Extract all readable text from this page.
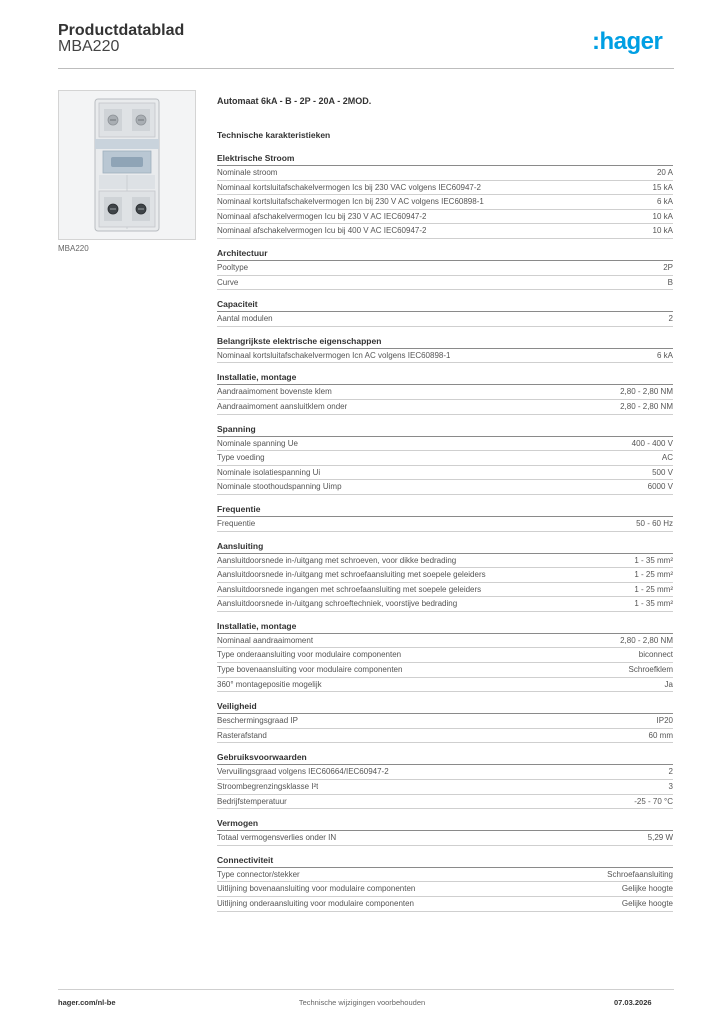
Productdatablad
MBA220	:hager
MBA220
Automaat 6kA - B - 2P - 20A - 2MOD.
Technische karakteristieken
Elektrische Stroom
Nominale stroom	20 A
Nominaal kortsluitafschakelvermogen Ics bij 230 VAC volgens IEC60947-2	15 kA
Nominaal kortsluitafschakelvermogen Icn bij 230 V AC volgens IEC60898-1	6 kA
Nominaal afschakelvermogen Icu bij 230 V AC IEC60947-2	10 kA
Nominaal afschakelvermogen Icu bij 400 V AC IEC60947-2	10 kA
Architectuur
Pooltype	2P
Curve	B
Capaciteit
Aantal modulen	2
Belangrijkste elektrische eigenschappen
Nominaal kortsluitafschakelvermogen Icn AC volgens IEC60898-1	6 kA
Installatie, montage
Aandraaimoment bovenste klem	2,80 - 2,80 NM
Aandraaimoment aansluitklem onder	2,80 - 2,80 NM
Spanning
Nominale spanning Ue	400 - 400 V
Type voeding	AC
Nominale isolatiespanning Ui	500 V
Nominale stoothoudspanning Uimp	6000 V
Frequentie
Frequentie	50 - 60 Hz
Aansluiting
Aansluitdoorsnede in-/uitgang met schroeven, voor dikke bedrading	1 - 35 mm²
Aansluitdoorsnede in-/uitgang met schroefaansluiting met soepele geleiders	1 - 25 mm²
Aansluitdoorsnede ingangen met schroefaansluiting met soepele geleiders	1 - 25 mm²
Aansluitdoorsnede in-/uitgang schroeftechniek, voorstijve bedrading	1 - 35 mm²
Installatie, montage
Nominaal aandraaimoment	2,80 - 2,80 NM
Type onderaansluiting voor modulaire componenten	biconnect
Type bovenaansluiting voor modulaire componenten	Schroefklem
360° montagepositie mogelijk	Ja
Veiligheid
Beschermingsgraad IP	IP20
Rasterafstand	60 mm
Gebruiksvoorwaarden
Vervuilingsgraad volgens IEC60664/IEC60947-2	2
Stroombegrenzingsklasse I²t	3
Bedrijfstemperatuur	-25 - 70 °C
Vermogen
Totaal vermogensverlies onder IN	5,29 W
Connectiviteit
Type connector/stekker	Schroefaansluiting
Uitlijning bovenaansluiting voor modulaire componenten	Gelijke hoogte
Uitlijning onderaansluiting voor modulaire componenten	Gelijke hoogte
hager.com/nl-be	Technische wijzigingen voorbehouden	07.03.2026
